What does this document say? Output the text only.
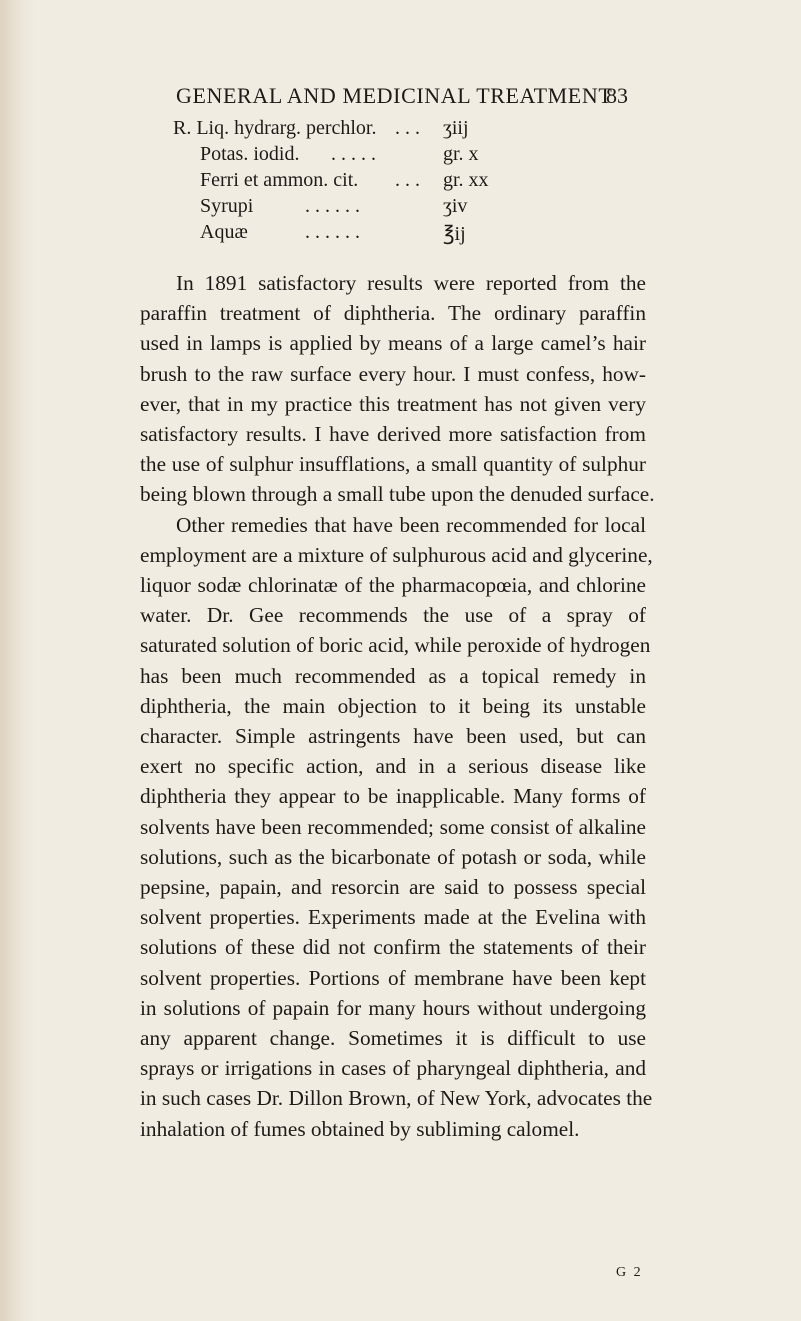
GENERAL AND MEDICINAL TREATMENT
83
R. Liq. hydrarg. perchlor. . . . ʒiij
Potas. iodid. . . . . .	gr. x
Ferri et ammon. cit. . . . gr. xx
Syrupi	. . . . . .	ʒiv
Aquæ	. . . . . .	℥ij
In 1891 satisfactory results were reported from the
paraffin treatment of diphtheria. The ordinary paraffin
used in lamps is applied by means of a large camel’s hair
brush to the raw surface every hour. I must confess, how-
ever, that in my practice this treatment has not given very
satisfactory results. I have derived more satisfaction from
the use of sulphur insufflations, a small quantity of sulphur
being blown through a small tube upon the denuded surface.
Other remedies that have been recommended for local
employment are a mixture of sulphurous acid and glycerine,
liquor sodæ chlorinatæ of the pharmacopœia, and chlorine
water. Dr. Gee recommends the use of a spray of
saturated solution of boric acid, while peroxide of hydrogen
has been much recommended as a topical remedy in
diphtheria, the main objection to it being its unstable
character. Simple astringents have been used, but can
exert no specific action, and in a serious disease like
diphtheria they appear to be inapplicable. Many forms of
solvents have been recommended; some consist of alkaline
solutions, such as the bicarbonate of potash or soda, while
pepsine, papain, and resorcin are said to possess special
solvent properties. Experiments made at the Evelina with
solutions of these did not confirm the statements of their
solvent properties. Portions of membrane have been kept
in solutions of papain for many hours without undergoing
any apparent change. Sometimes it is difficult to use
sprays or irrigations in cases of pharyngeal diphtheria, and
in such cases Dr. Dillon Brown, of New York, advocates the
inhalation of fumes obtained by subliming calomel.
G 2
